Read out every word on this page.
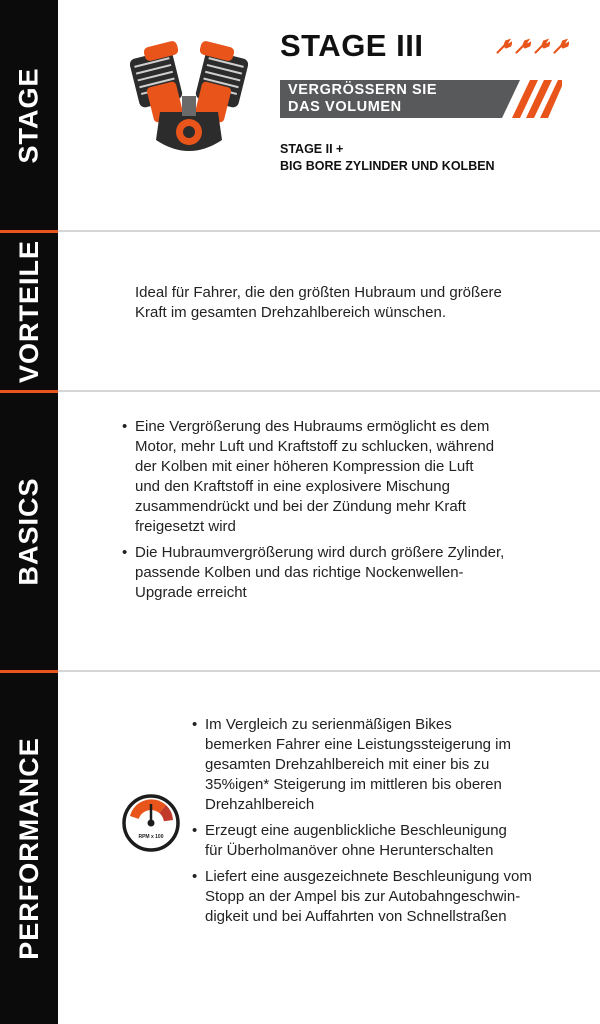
STAGE
VORTEILE
BASICS
PERFORMANCE
STAGE III
VERGRÖSSERN SIE
DAS VOLUMEN
STAGE II +
BIG BORE ZYLINDER UND KOLBEN
Ideal für Fahrer, die den größten Hubraum und größere
Kraft im gesamten Drehzahlbereich wünschen.
• Eine Vergrößerung des Hubraums ermöglicht es dem
Motor, mehr Luft und Kraftstoff zu schlucken, während
der Kolben mit einer höheren Kompression die Luft
und den Kraftstoff in eine explosivere Mischung
zusammendrückt und bei der Zündung mehr Kraft
freigesetzt wird
• Die Hubraumvergrößerung wird durch größere Zylinder,
passende Kolben und das richtige Nockenwellen-
Upgrade erreicht
RPM x 100
• Im Vergleich zu serienmäßigen Bikes
bemerken Fahrer eine Leistungssteigerung im
gesamten Drehzahlbereich mit einer bis zu
35%igen* Steigerung im mittleren bis oberen
Drehzahlbereich
• Erzeugt eine augenblickliche Beschleunigung
für Überholmanöver ohne Herunterschalten
• Liefert eine ausgezeichnete Beschleunigung vom
Stopp an der Ampel bis zur Autobahngeschwin-
digkeit und bei Auffahrten von Schnellstraßen
